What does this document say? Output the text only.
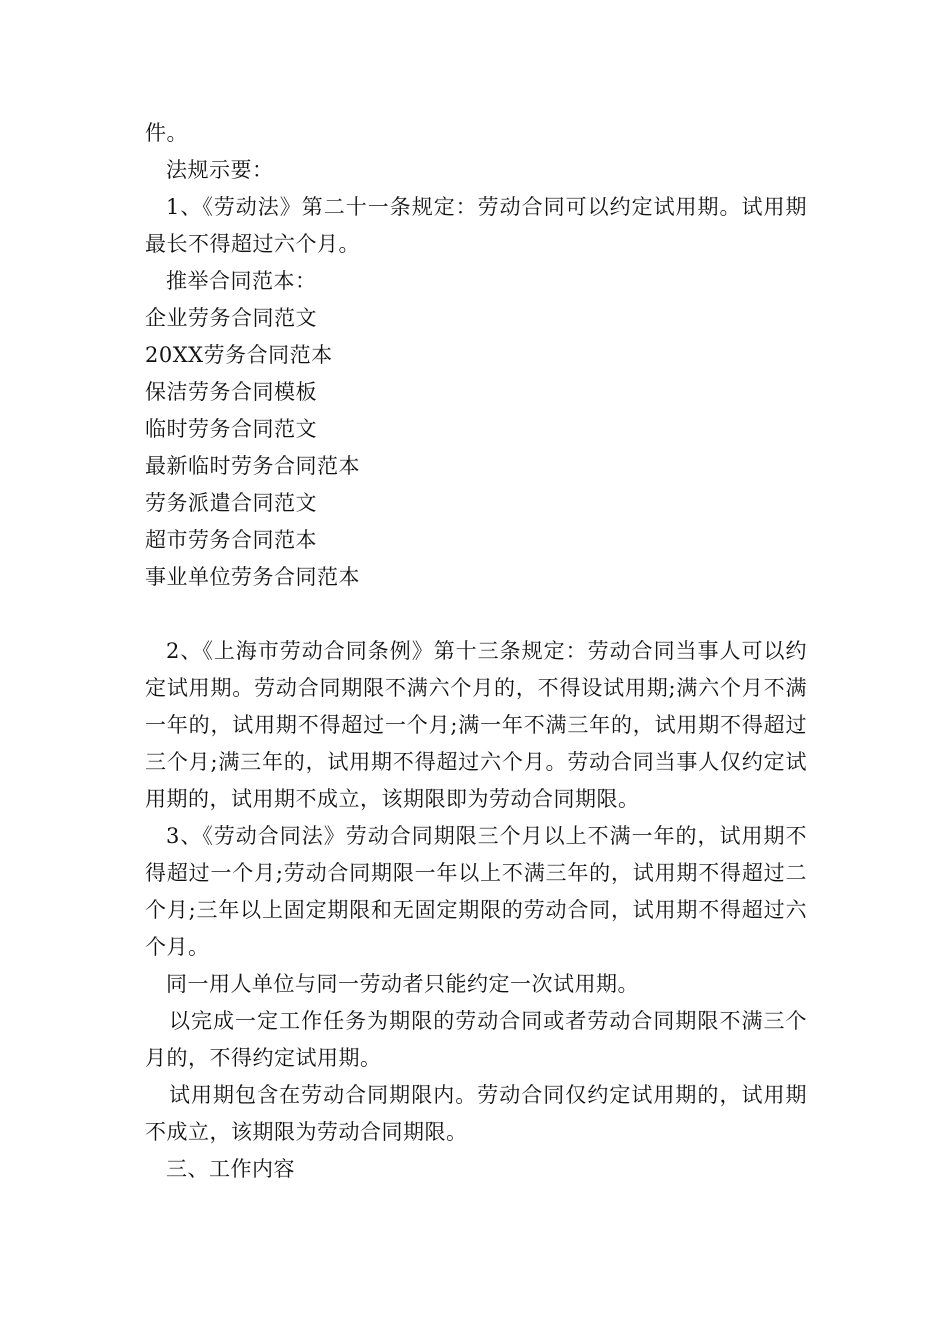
件。

法规示要：

1、《劳动法》第二十一条规定：劳动合同可以约定试用期。试用期最长不得超过六个月。

推举合同范本：

企业劳务合同范文

20XX劳务合同范本

保洁劳务合同模板

临时劳务合同范文

最新临时劳务合同范本

劳务派遣合同范文

超市劳务合同范本

事业单位劳务合同范本

2、《上海市劳动合同条例》第十三条规定：劳动合同当事人可以约定试用期。劳动合同期限不满六个月的，不得设试用期;满六个月不满一年的，试用期不得超过一个月;满一年不满三年的，试用期不得超过三个月;满三年的，试用期不得超过六个月。劳动合同当事人仅约定试用期的，试用期不成立，该期限即为劳动合同期限。

3、《劳动合同法》劳动合同期限三个月以上不满一年的，试用期不得超过一个月;劳动合同期限一年以上不满三年的，试用期不得超过二个月;三年以上固定期限和无固定期限的劳动合同，试用期不得超过六个月。

同一用人单位与同一劳动者只能约定一次试用期。

以完成一定工作任务为期限的劳动合同或者劳动合同期限不满三个月的，不得约定试用期。

试用期包含在劳动合同期限内。劳动合同仅约定试用期的，试用期不成立，该期限为劳动合同期限。

三、工作内容
